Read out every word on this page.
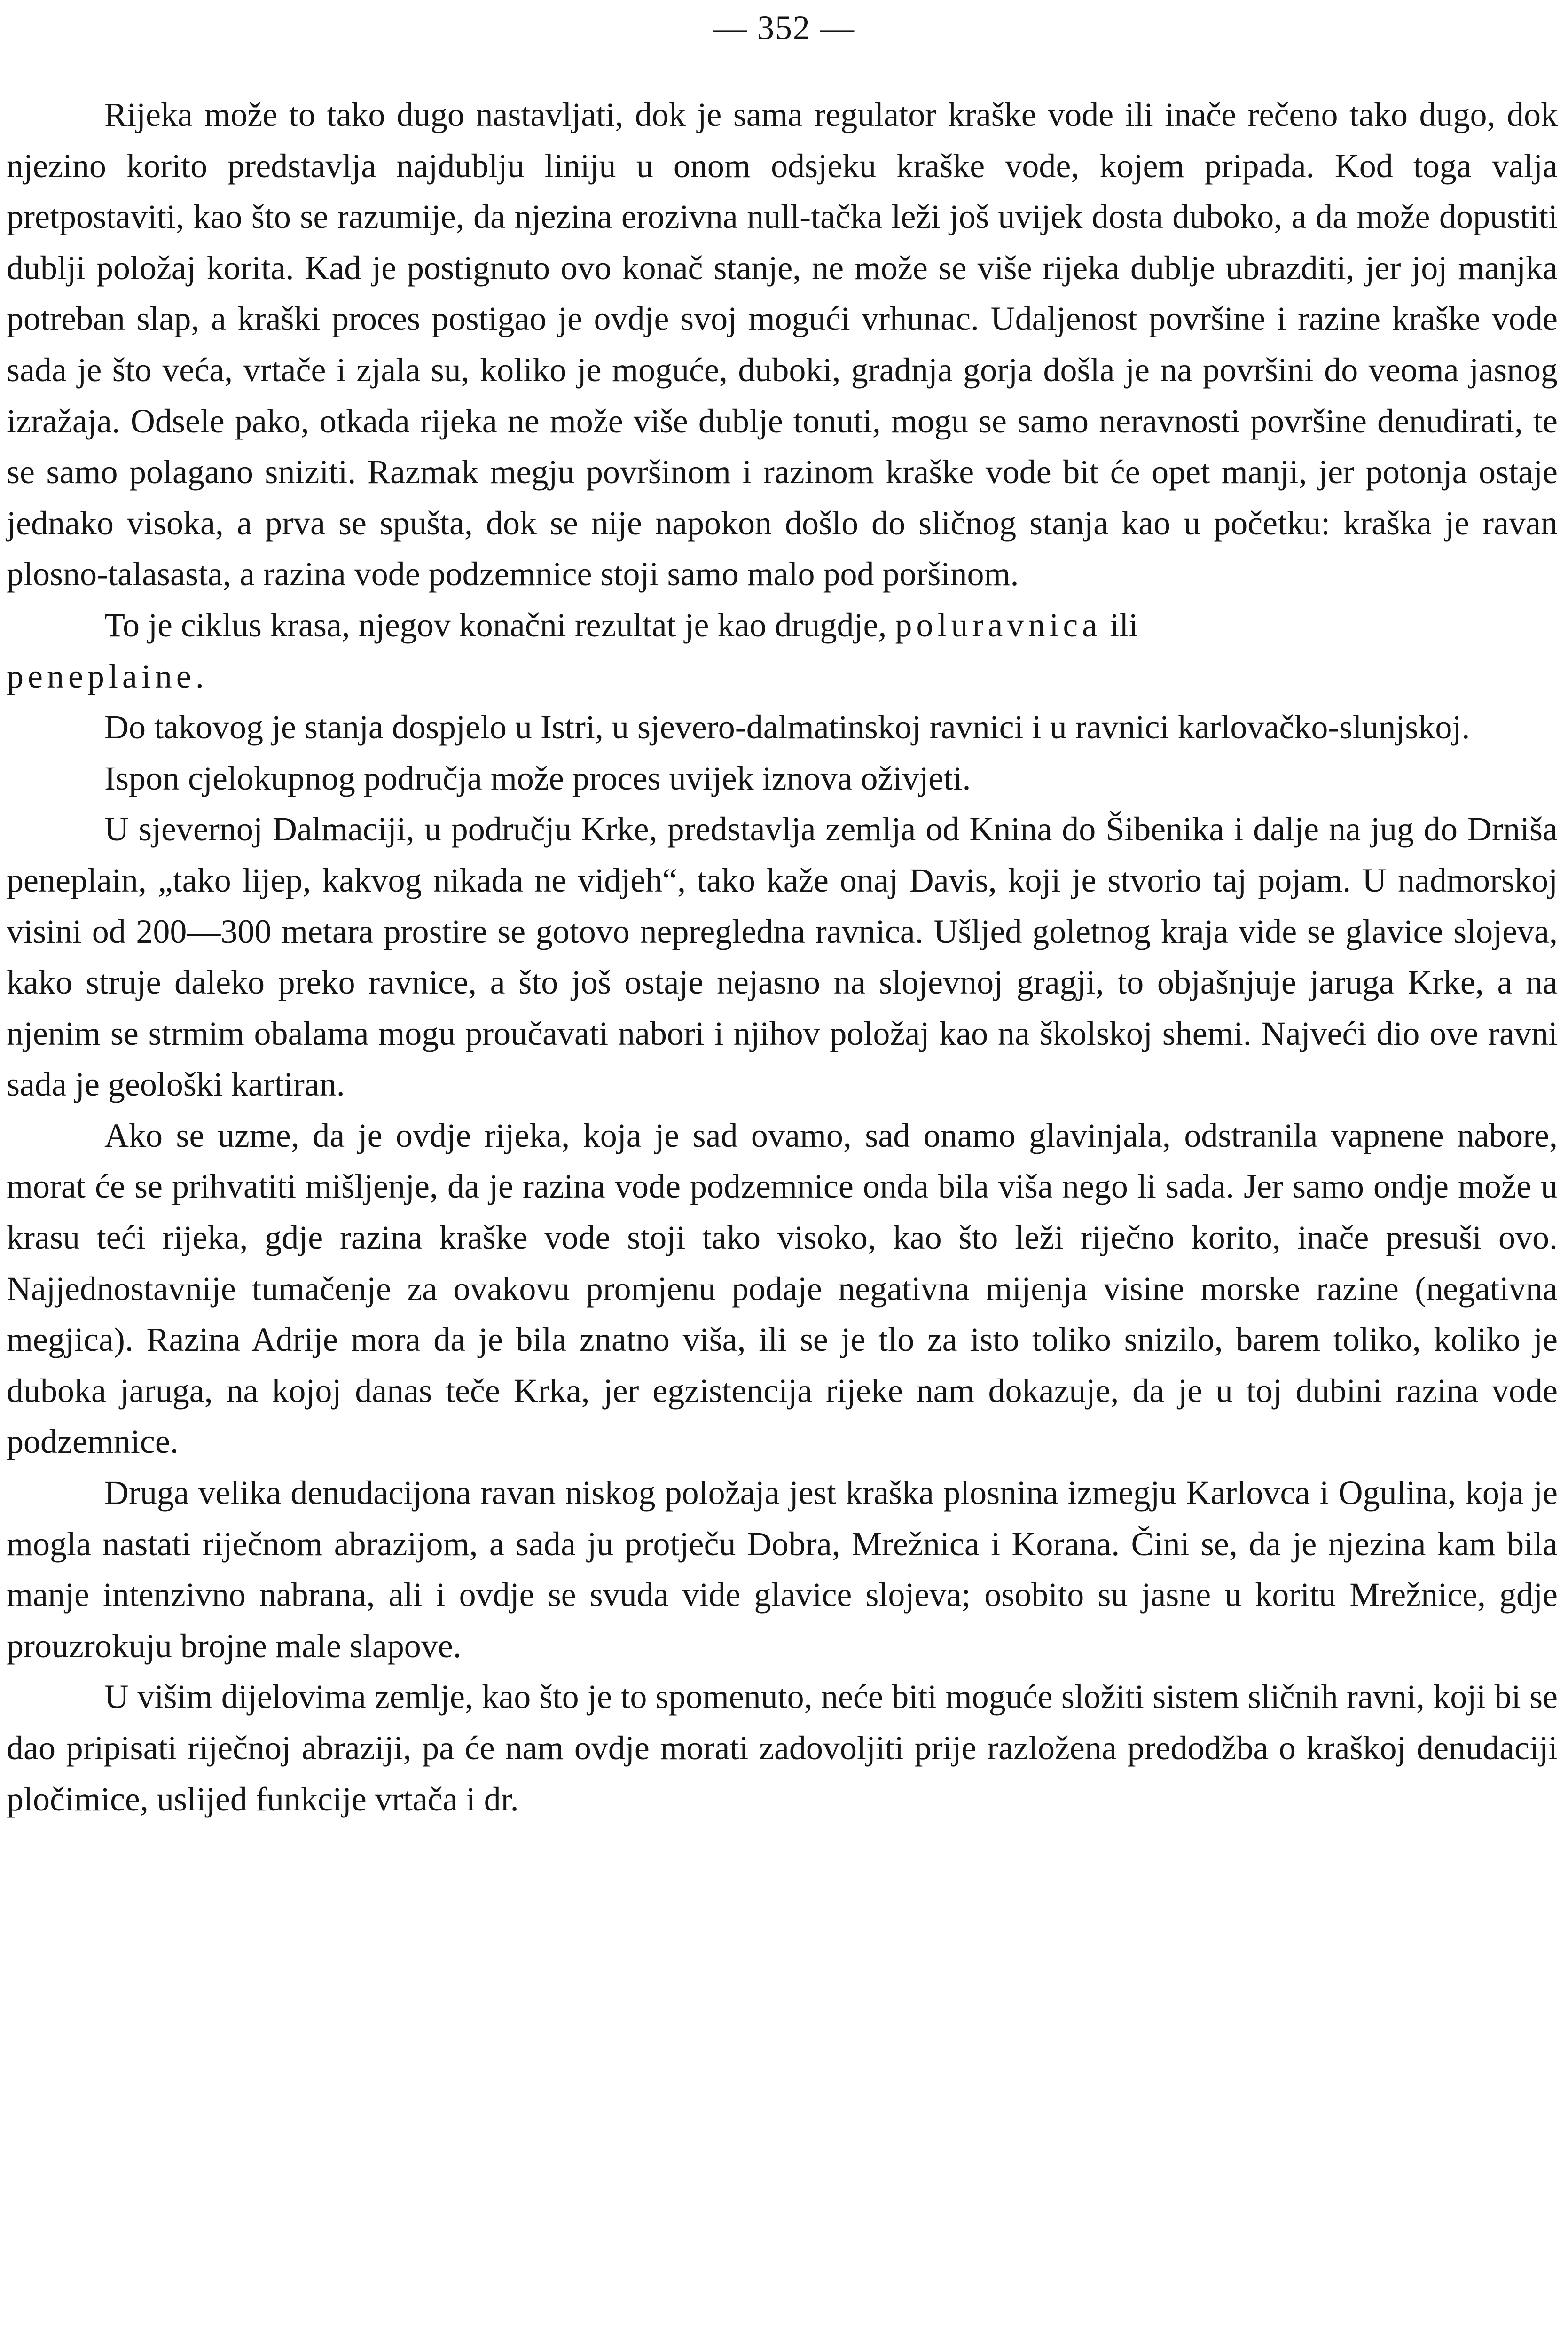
— 352 —

Rijeka može to tako dugo nastavljati, dok je sama regulator kraške vode ili inače rečeno tako dugo, dok njezino korito predstavlja najdublju liniju u onom odsjeku kraške vode, kojem pripada. Kod toga valja pretpostaviti, kao što se razumije, da njezina erozivna null-tačka leži još uvijek dosta duboko, a da može dopustiti dublji položaj korita. Kad je postignuto ovo konač stanje, ne može se više rijeka dublje ubrazditi, jer joj manjka potreban slap, a kraški proces postigao je ovdje svoj mogući vrhunac. Udaljenost površine i razine kraške vode sada je što veća, vrtače i zjala su, koliko je moguće, duboki, gradnja gorja došla je na površini do veoma jasnog izražaja. Odsele pako, otkada rijeka ne može više dublje tonuti, mogu se samo neravnosti površine denudirati, te se samo polagano sniziti. Razmak megju površinom i razinom kraške vode bit će opet manji, jer potonja ostaje jednako visoka, a prva se spušta, dok se nije napokon došlo do sličnog stanja kao u početku: kraška je ravan plosno-talasasta, a razina vode podzemnice stoji samo malo pod poršinom.

To je ciklus krasa, njegov konačni rezultat je kao drugdje, poluravnica ili
peneplaine.

Do takovog je stanja dospjelo u Istri, u sjevero-dalmatinskoj ravnici i u ravnici karlovačko-slunjskoj.

Ispon cjelokupnog područja može proces uvijek iznova oživjeti.

U sjevernoj Dalmaciji, u području Krke, predstavlja zemlja od Knina do Šibenika i dalje na jug do Drniša peneplain, „tako lijep, kakvog nikada ne vidjeh“, tako kaže onaj Davis, koji je stvorio taj pojam. U nadmorskoj visini od 200—300 metara prostire se gotovo nepregledna ravnica. Ušljed goletnog kraja vide se glavice slojeva, kako struje daleko preko ravnice, a što još ostaje nejasno na slojevnoj gragji, to objašnjuje jaruga Krke, a na njenim se strmim obalama mogu proučavati nabori i njihov položaj kao na školskoj shemi. Najveći dio ove ravni sada je geološki kartiran.

Ako se uzme, da je ovdje rijeka, koja je sad ovamo, sad onamo glavinjala, odstranila vapnene nabore, morat će se prihvatiti mišljenje, da je razina vode podzemnice onda bila viša nego li sada. Jer samo ondje može u krasu teći rijeka, gdje razina kraške vode stoji tako visoko, kao što leži riječno korito, inače presuši ovo. Najjednostavnije tumačenje za ovakovu promjenu podaje negativna mijenja visine morske razine (negativna megjica). Razina Adrije mora da je bila znatno viša, ili se je tlo za isto toliko snizilo, barem toliko, koliko je duboka jaruga, na kojoj danas teče Krka, jer egzistencija rijeke nam dokazuje, da je u toj dubini razina vode podzemnice.

Druga velika denudacijona ravan niskog položaja jest kraška plosnina izmegju Karlovca i Ogulina, koja je mogla nastati riječnom abrazijom, a sada ju protječu Dobra, Mrežnica i Korana. Čini se, da je njezina kam bila manje intenzivno nabrana, ali i ovdje se svuda vide glavice slojeva; osobito su jasne u koritu Mrežnice, gdje prouzrokuju brojne male slapove.

U višim dijelovima zemlje, kao što je to spomenuto, neće biti moguće složiti sistem sličnih ravni, koji bi se dao pripisati riječnoj abraziji, pa će nam ovdje morati zadovoljiti prije razložena predodžba o kraškoj denudaciji pločimice, uslijed funkcije vrtača i dr.
